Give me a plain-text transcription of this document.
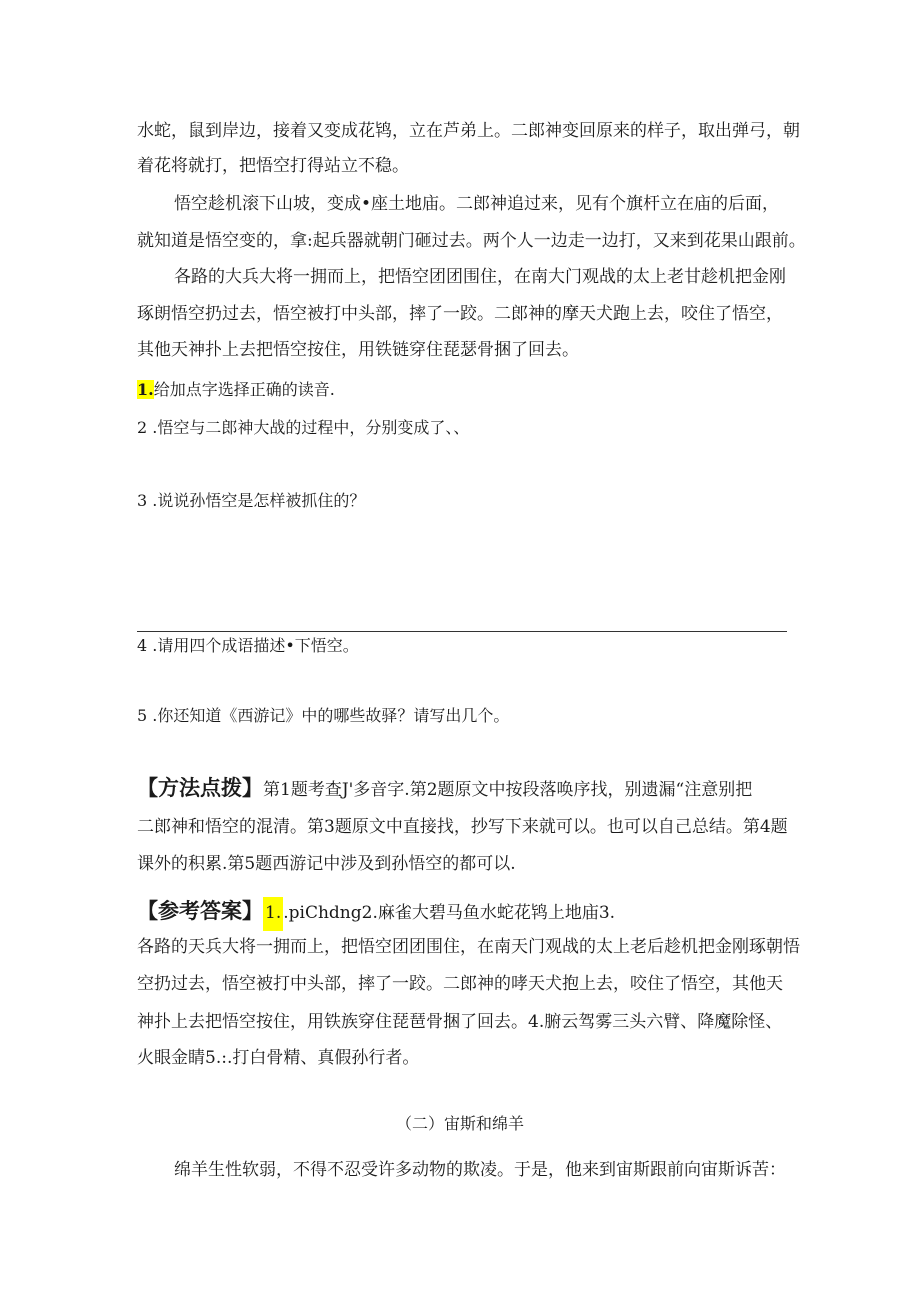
水蛇，鼠到岸边，接着又变成花鸨，立在芦弟上。二郎神变回原来的样子，取出弹弓，朝
着花将就打，把悟空打得站立不稳。
悟空趁机滚下山坡，变成•座土地庙。二郎神追过来，见有个旗杆立在庙的后面，
就知道是悟空变的，拿:起兵器就朝门砸过去。两个人一边走一边打，又来到花果山跟前。
各路的大兵大将一拥而上，把悟空团团围住，在南大门观战的太上老甘趁机把金刚
琢朗悟空扔过去，悟空被打中头部，摔了一跤。二郎神的摩天犬跑上去，咬住了悟空，
其他天神扑上去把悟空按住，用铁链穿住琵瑟骨捆了回去。
1.给加点字选择正确的读音.
2 .悟空与二郎神大战的过程中，分别变成了、、
3 .说说孙悟空是怎样被抓住的？
4 .请用四个成语描述•下悟空。
5 .你还知道《西游记》中的哪些故驿？请写出几个。
【方法点拨】第1题考查J'多音字.第2题原文中按段落唤序找，别遗漏“注意别把
二郎神和悟空的混清。第3题原文中直接找，抄写下来就可以。也可以自己总结。第4题
课外的积累.第5题西游记中涉及到孙悟空的都可以.
【参考答案】 1. .piChdng2.麻雀大碧马鱼水蛇花鸨上地庙3.
各路的天兵大将一拥而上，把悟空团团围住，在南天门观战的太上老后趁机把金刚琢朝悟
空扔过去，悟空被打中头部，摔了一跤。二郎神的哮天犬抱上去，咬住了悟空，其他天
神扑上去把悟空按住，用铁族穿住琵琶骨捆了回去。4.腑云驾雾三头六臂、降魔除怪、
火眼金睛5.:.打白骨精、真假孙行者。
（二）宙斯和绵羊
绵羊生性软弱，不得不忍受许多动物的欺凌。于是，他来到宙斯跟前向宙斯诉苦：
